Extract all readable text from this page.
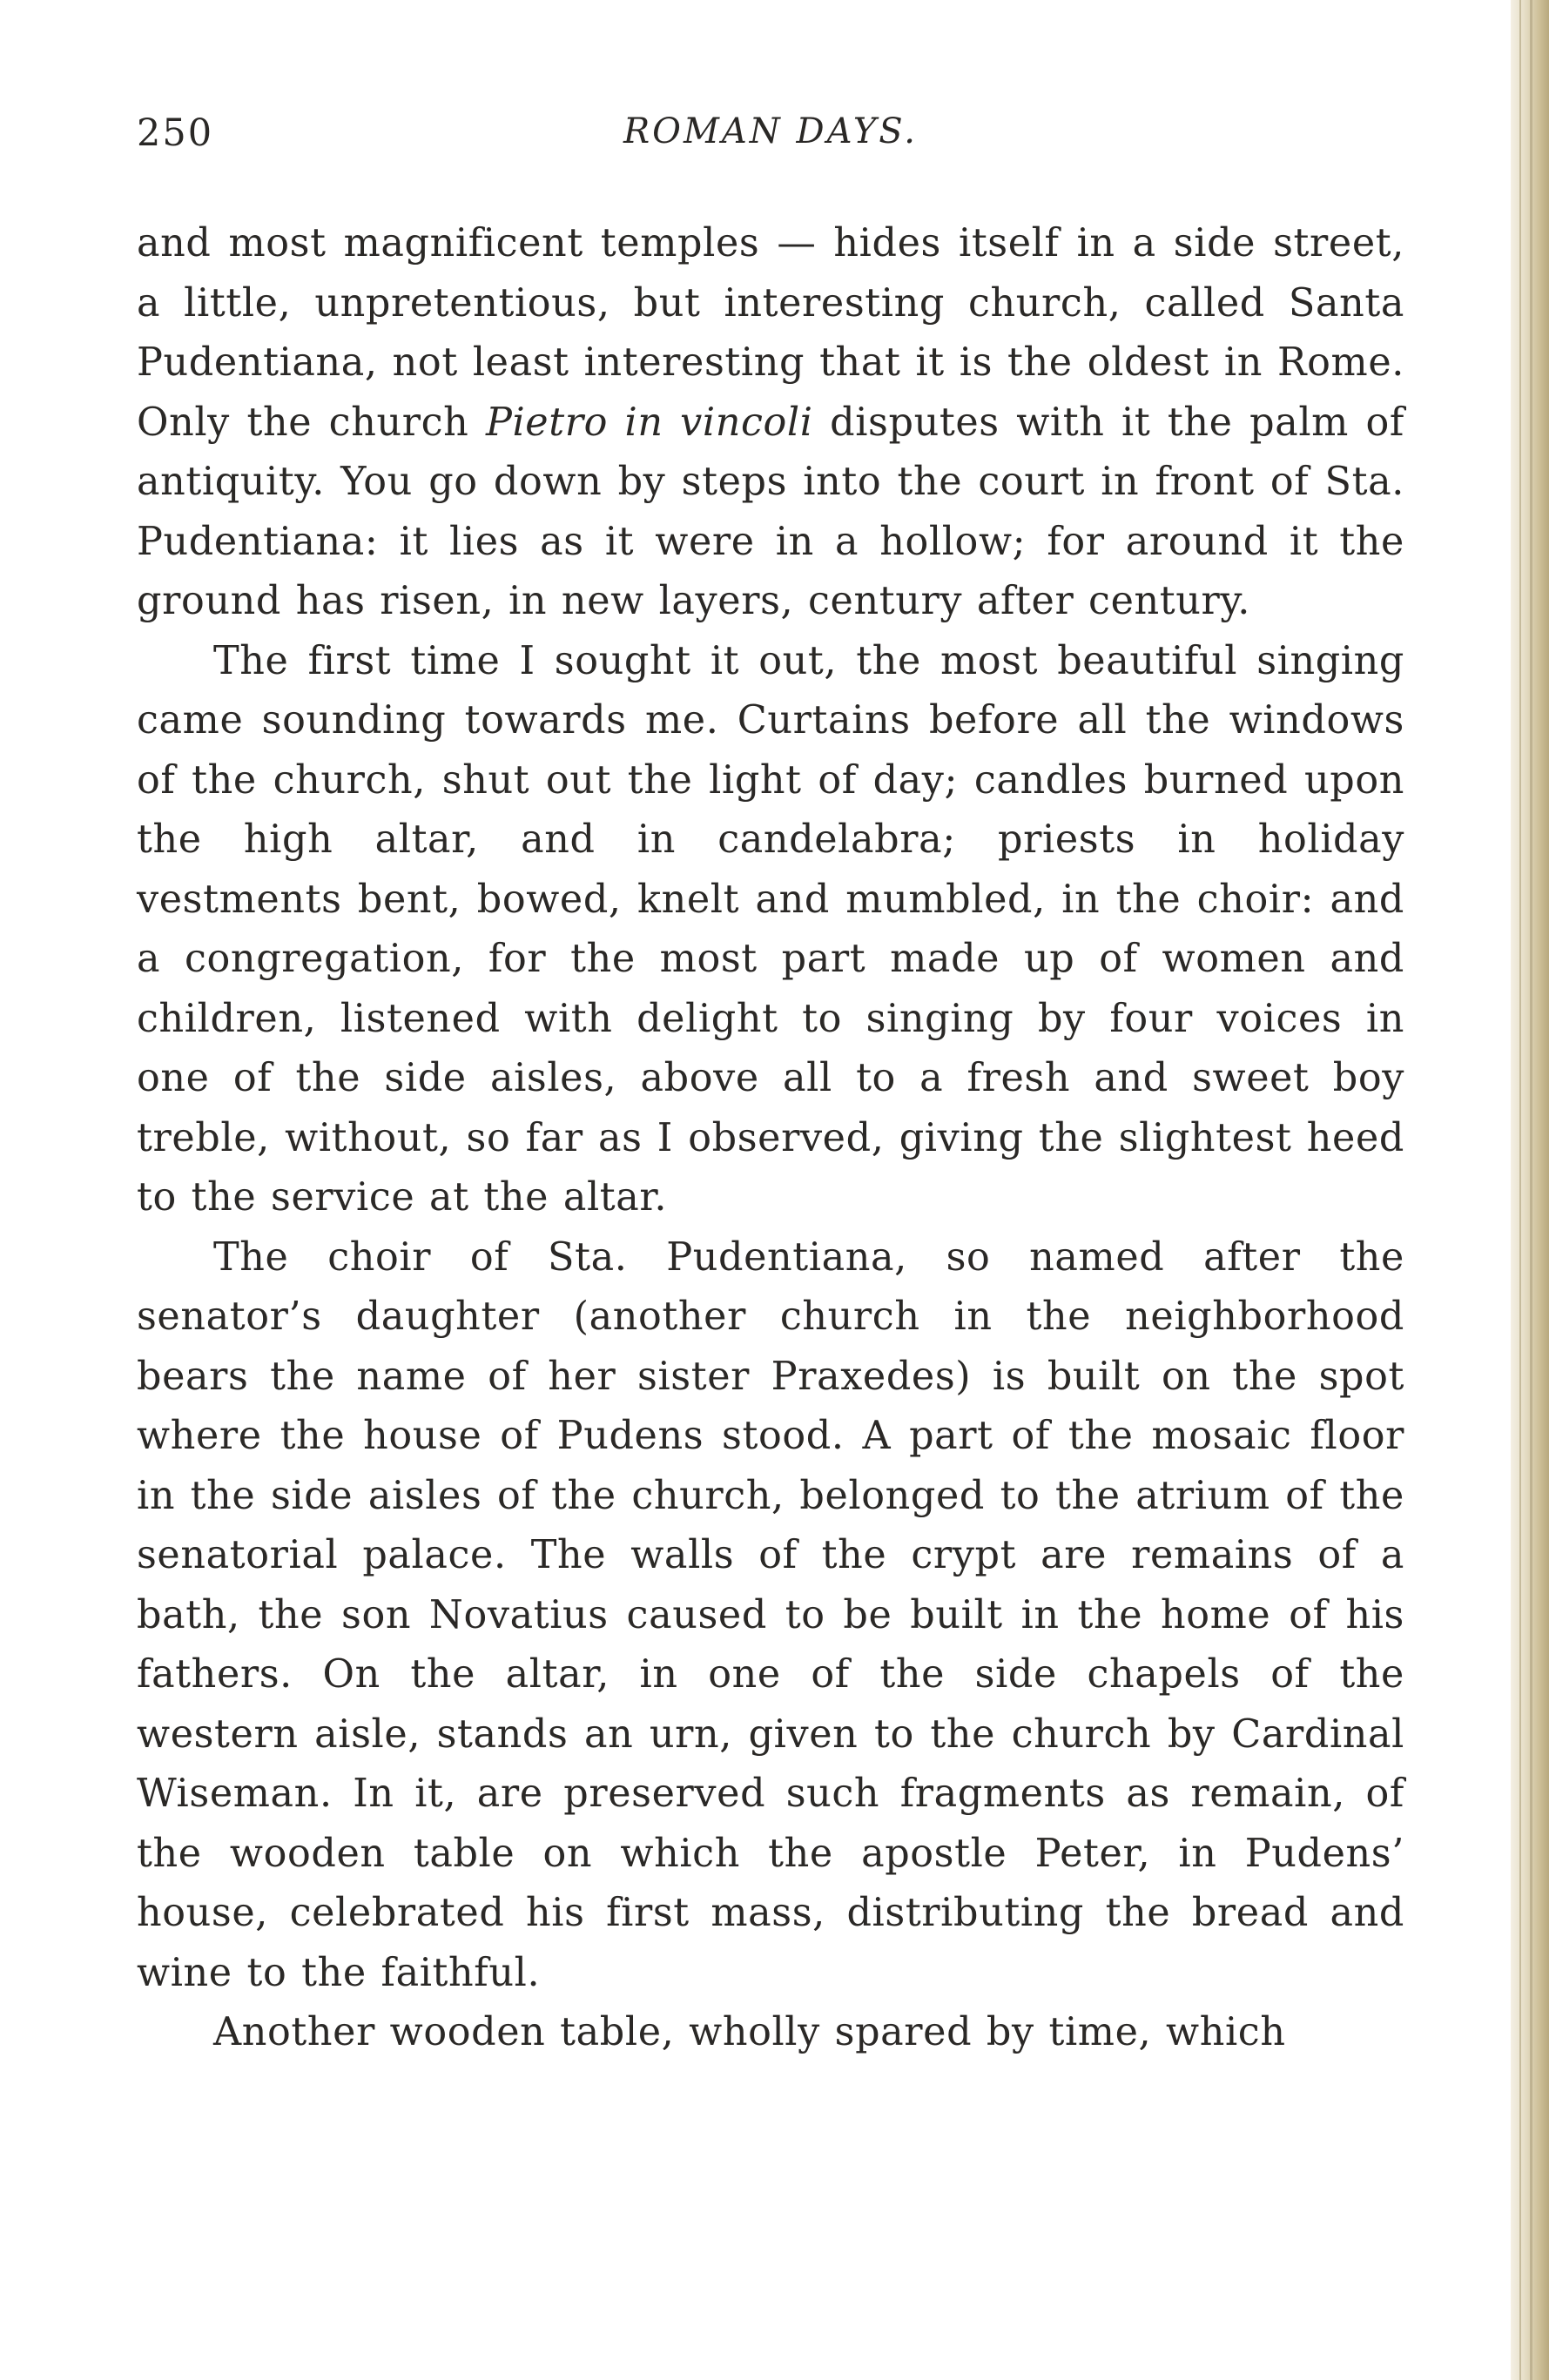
250	ROMAN DAYS.

and most magnificent temples — hides itself in a side street, a little, unpretentious, but interesting church, called Santa Pudentiana, not least interesting that it is the oldest in Rome. Only the church Pietro in vincoli disputes with it the palm of antiquity. You go down by steps into the court in front of Sta. Pudentiana: it lies as it were in a hollow; for around it the ground has risen, in new layers, century after century.

The first time I sought it out, the most beautiful singing came sounding towards me. Curtains before all the windows of the church, shut out the light of day; candles burned upon the high altar, and in candelabra; priests in holiday vestments bent, bowed, knelt and mumbled, in the choir: and a congregation, for the most part made up of women and children, listened with delight to singing by four voices in one of the side aisles, above all to a fresh and sweet boy treble, without, so far as I observed, giving the slightest heed to the service at the altar.

The choir of Sta. Pudentiana, so named after the senator’s daughter (another church in the neighborhood bears the name of her sister Praxedes) is built on the spot where the house of Pudens stood. A part of the mosaic floor in the side aisles of the church, belonged to the atrium of the senatorial palace. The walls of the crypt are remains of a bath, the son Novatius caused to be built in the home of his fathers. On the altar, in one of the side chapels of the western aisle, stands an urn, given to the church by Cardinal Wiseman. In it, are preserved such fragments as remain, of the wooden table on which the apostle Peter, in Pudens’ house, celebrated his first mass, distributing the bread and wine to the faithful.

Another wooden table, wholly spared by time, which
